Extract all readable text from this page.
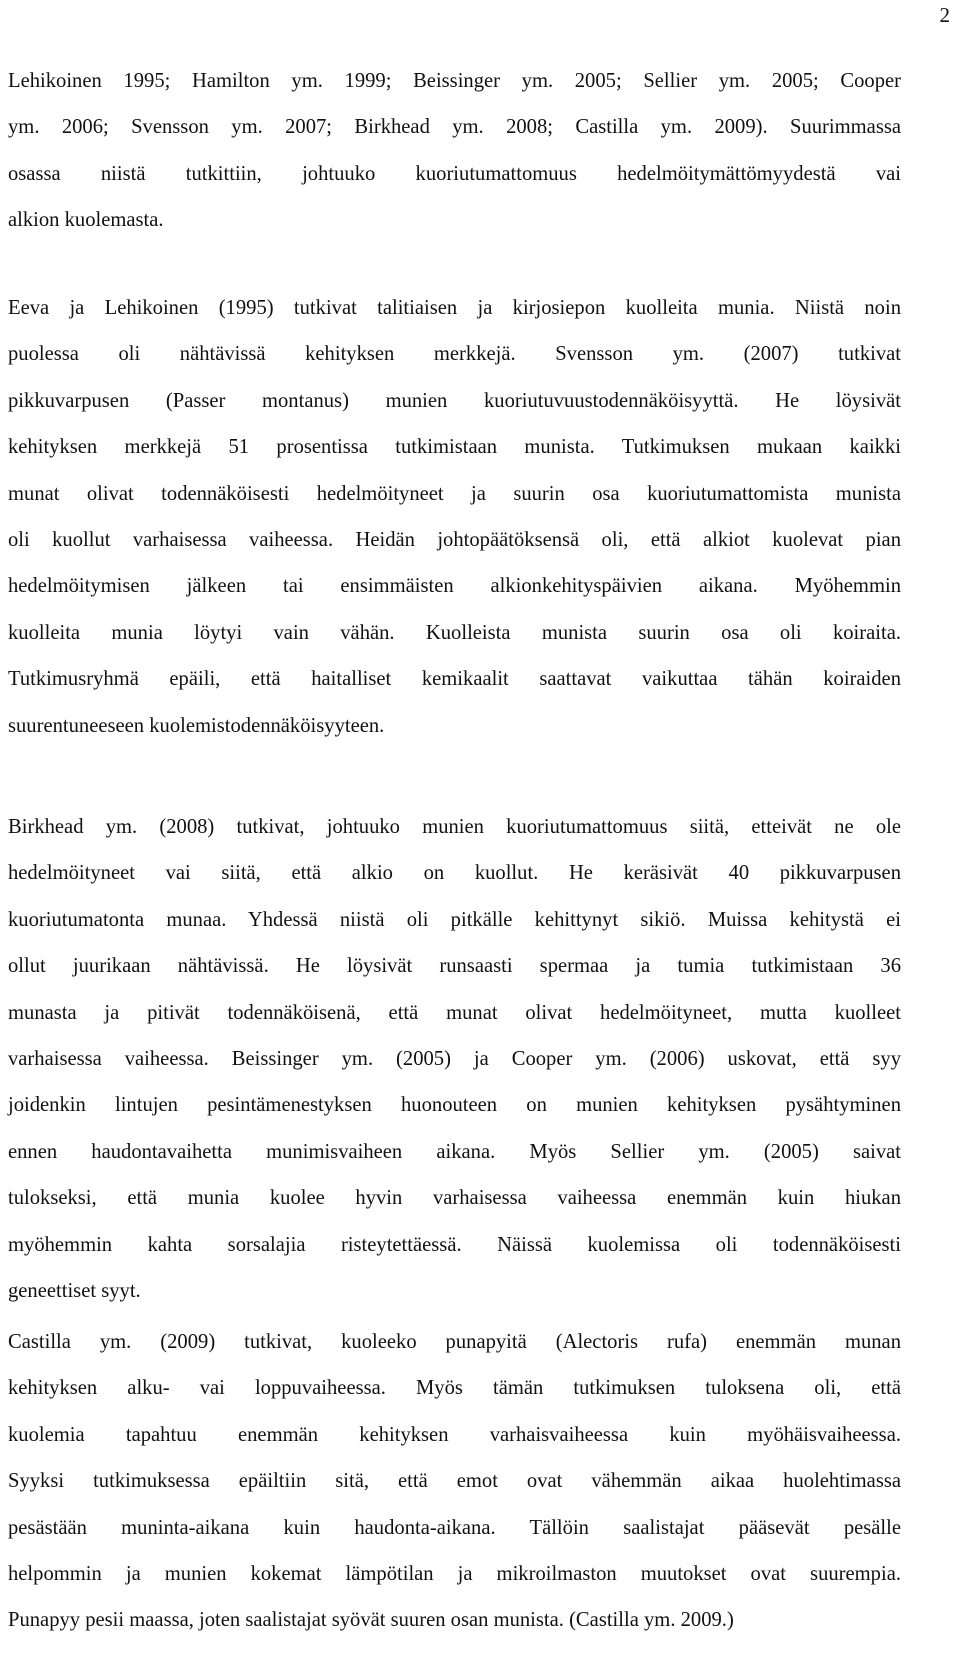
2

Lehikoinen 1995; Hamilton ym. 1999; Beissinger ym. 2005; Sellier ym. 2005; Cooper
ym. 2006; Svensson ym. 2007; Birkhead ym. 2008; Castilla ym. 2009). Suurimmassa
osassa niistä tutkittiin, johtuuko kuoriutumattomuus hedelmöitymättömyydestä vai
alkion kuolemasta.

Eeva ja Lehikoinen (1995) tutkivat talitiaisen ja kirjosiepon kuolleita munia. Niistä noin
puolessa oli nähtävissä kehityksen merkkejä. Svensson ym. (2007) tutkivat
pikkuvarpusen (Passer montanus) munien kuoriutuvuustodennäköisyyttä. He löysivät
kehityksen merkkejä 51 prosentissa tutkimistaan munista. Tutkimuksen mukaan kaikki
munat olivat todennäköisesti hedelmöityneet ja suurin osa kuoriutumattomista munista
oli kuollut varhaisessa vaiheessa. Heidän johtopäätöksensä oli, että alkiot kuolevat pian
hedelmöitymisen jälkeen tai ensimmäisten alkionkehityspäivien aikana. Myöhemmin
kuolleita munia löytyi vain vähän. Kuolleista munista suurin osa oli koiraita.
Tutkimusryhmä epäili, että haitalliset kemikaalit saattavat vaikuttaa tähän koiraiden
suurentuneeseen kuolemistodennäköisyyteen.

Birkhead ym. (2008) tutkivat, johtuuko munien kuoriutumattomuus siitä, etteivät ne ole
hedelmöityneet vai siitä, että alkio on kuollut. He keräsivät 40 pikkuvarpusen
kuoriutumatonta munaa. Yhdessä niistä oli pitkälle kehittynyt sikiö. Muissa kehitystä ei
ollut juurikaan nähtävissä. He löysivät runsaasti spermaa ja tumia tutkimistaan 36
munasta ja pitivät todennäköisenä, että munat olivat hedelmöityneet, mutta kuolleet
varhaisessa vaiheessa. Beissinger ym. (2005) ja Cooper ym. (2006) uskovat, että syy
joidenkin lintujen pesintämenestyksen huonouteen on munien kehityksen pysähtyminen
ennen haudontavaihetta munimisvaiheen aikana. Myös Sellier ym. (2005) saivat
tulokseksi, että munia kuolee hyvin varhaisessa vaiheessa enemmän kuin hiukan
myöhemmin kahta sorsalajia risteytettäessä. Näissä kuolemissa oli todennäköisesti
geneettiset syyt.

Castilla ym. (2009) tutkivat, kuoleeko punapyitä (Alectoris rufa) enemmän munan
kehityksen alku- vai loppuvaiheessa. Myös tämän tutkimuksen tuloksena oli, että
kuolemia tapahtuu enemmän kehityksen varhaisvaiheessa kuin myöhäisvaiheessa.
Syyksi tutkimuksessa epäiltiin sitä, että emot ovat vähemmän aikaa huolehtimassa
pesästään muninta-aikana kuin haudonta-aikana. Tällöin saalistajat pääsevät pesälle
helpommin ja munien kokemat lämpötilan ja mikroilmaston muutokset ovat suurempia.
Punapyy pesii maassa, joten saalistajat syövät suuren osan munista. (Castilla ym. 2009.)
